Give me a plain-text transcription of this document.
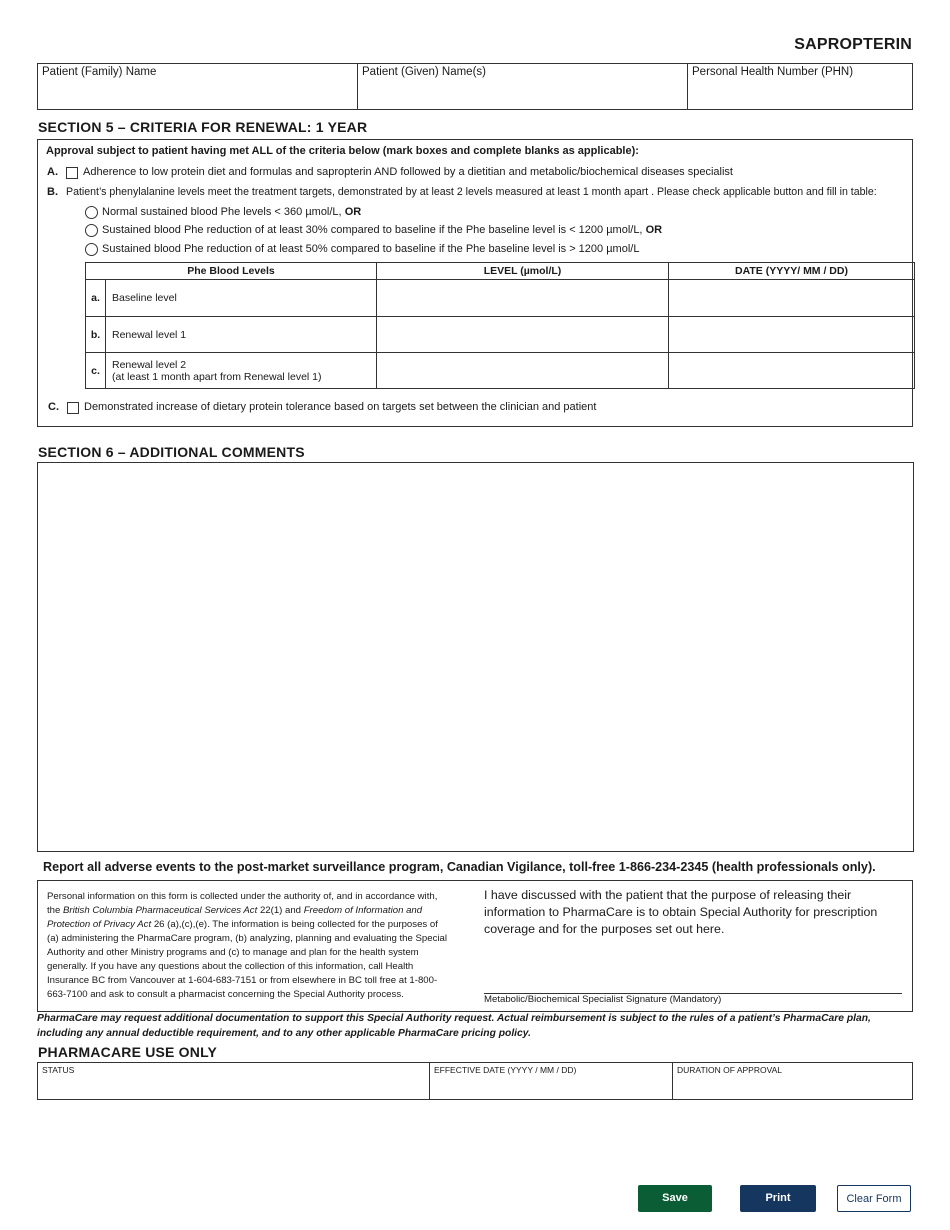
SAPROPTERIN
Patient (Family) Name	Patient (Given) Name(s)	Personal Health Number (PHN)
SECTION 5 – CRITERIA FOR RENEWAL: 1 YEAR
Approval subject to patient having met ALL of the criteria below (mark boxes and complete blanks as applicable):
A. Adherence to low protein diet and formulas and sapropterin AND followed by a dietitian and metabolic/biochemical diseases specialist
B. Patient’s phenylalanine levels meet the treatment targets, demonstrated by at least 2 levels measured at least 1 month apart . Please check applicable button and fill in table:
Normal sustained blood Phe levels < 360 µmol/L, OR
Sustained blood Phe reduction of at least 30% compared to baseline if the Phe baseline level is < 1200 µmol/L, OR
Sustained blood Phe reduction of at least 50% compared to baseline if the Phe baseline level is > 1200 µmol/L
Phe Blood Levels		LEVEL (µmol/L)	DATE (YYYY/ MM / DD)
a.	Baseline level		
b.	Renewal level 1		
c.	Renewal level 2
(at least 1 month apart from Renewal level 1)		

C. Demonstrated increase of dietary protein tolerance based on targets set between the clinician and patient
SECTION 6 – ADDITIONAL COMMENTS
Report all adverse events to the post-market surveillance program, Canadian Vigilance, toll-free 1-866-234-2345 (health professionals only).
Personal information on this form is collected under the authority of, and in accordance with, the British Columbia Pharmaceutical Services Act 22(1) and Freedom of Information and Protection of Privacy Act 26 (a),(c),(e). The information is being collected for the purposes of (a) administering the PharmaCare program, (b) analyzing, planning and evaluating the Special Authority and other Ministry programs and (c) to manage and plan for the health system generally. If you have any questions about the collection of this information, call Health Insurance BC from Vancouver at 1-604-683-7151 or from elsewhere in BC toll free at 1-800-663-7100 and ask to consult a pharmacist concerning the Special Authority process.
I have discussed with the patient that the purpose of releasing their information to PharmaCare is to obtain Special Authority for prescription coverage and for the purposes set out here.
Metabolic/Biochemical Specialist Signature (Mandatory)
PharmaCare may request additional documentation to support this Special Authority request. Actual reimbursement is subject to the rules of a patient’s PharmaCare plan, including any annual deductible requirement, and to any other applicable PharmaCare pricing policy.
PHARMACARE USE ONLY
STATUS	EFFECTIVE DATE (YYYY / MM / DD)	DURATION OF APPROVAL
Save	Print	Clear Form
